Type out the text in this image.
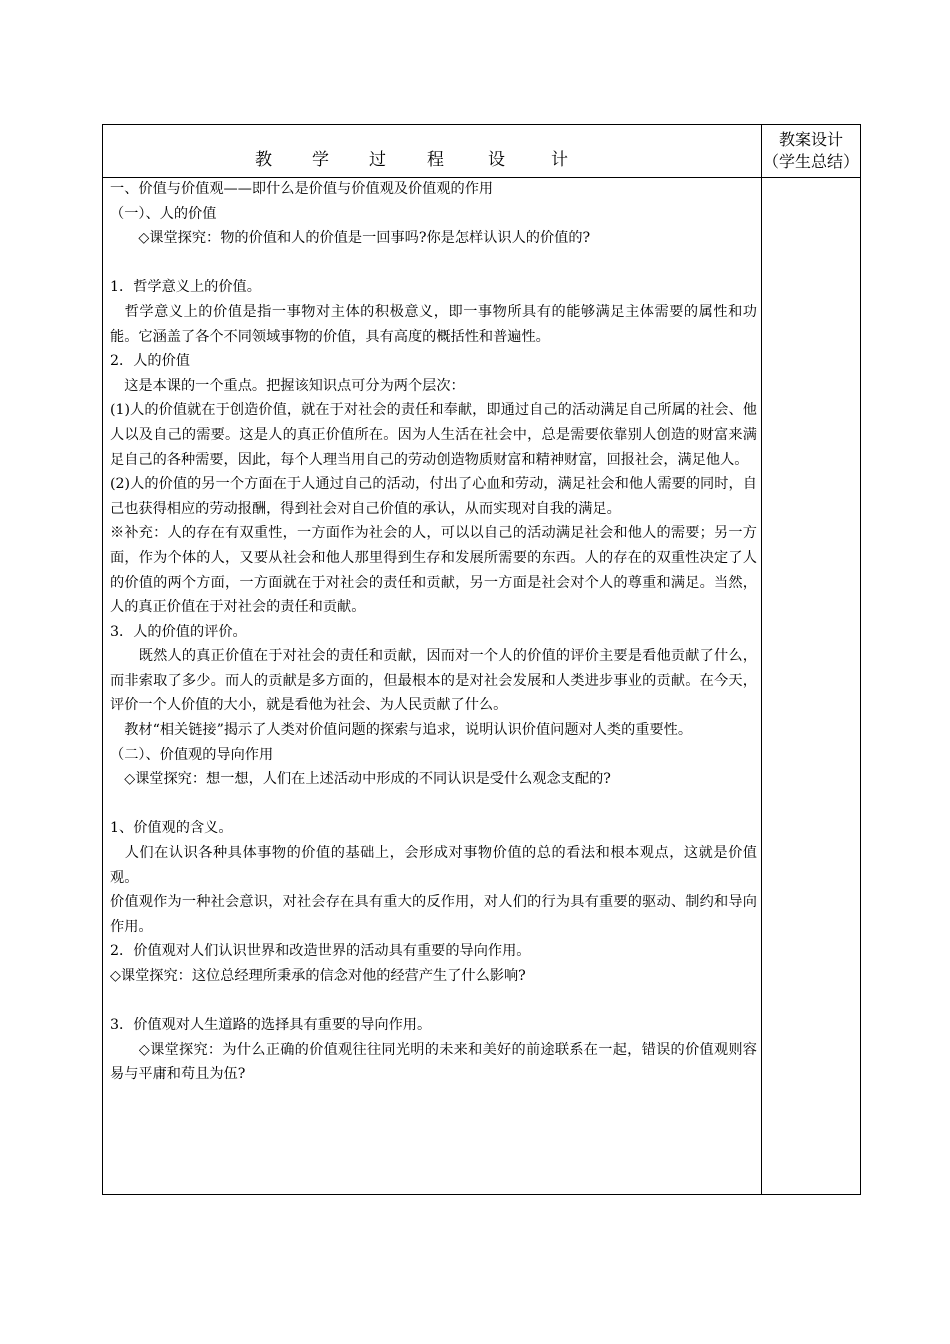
教 学 过 程	设	计
教案设计
（学生总结）

一、价值与价值观——即什么是价值与价值观及价值观的作用

（一）、人的价值

　　◇课堂探究：物的价值和人的价值是一回事吗?你是怎样认识人的价值的?

1．哲学意义上的价值。

　哲学意义上的价值是指一事物对主体的积极意义，即一事物所具有的能够满足主体需要的属性和功能。它涵盖了各个不同领域事物的价值，具有高度的概括性和普遍性。

2．人的价值

　这是本课的一个重点。把握该知识点可分为两个层次：

(1)人的价值就在于创造价值，就在于对社会的责任和奉献，即通过自己的活动满足自己所属的社会、他人以及自己的需要。这是人的真正价值所在。因为人生活在社会中，总是需要依靠别人创造的财富来满足自己的各种需要，因此，每个人理当用自己的劳动创造物质财富和精神财富，回报社会，满足他人。

(2)人的价值的另一个方面在于人通过自己的活动，付出了心血和劳动，满足社会和他人需要的同时，自己也获得相应的劳动报酬，得到社会对自己价值的承认，从而实现对自我的满足。

※补充：人的存在有双重性，一方面作为社会的人，可以以自己的活动满足社会和他人的需要；另一方面，作为个体的人，又要从社会和他人那里得到生存和发展所需要的东西。人的存在的双重性决定了人的价值的两个方面，一方面就在于对社会的责任和贡献，另一方面是社会对个人的尊重和满足。当然，人的真正价值在于对社会的责任和贡献。

3．人的价值的评价。

　　既然人的真正价值在于对社会的责任和贡献，因而对一个人的价值的评价主要是看他贡献了什么，而非索取了多少。而人的贡献是多方面的，但最根本的是对社会发展和人类进步事业的贡献。在今天，评价一个人价值的大小，就是看他为社会、为人民贡献了什么。

　教材“相关链接”揭示了人类对价值问题的探索与追求，说明认识价值问题对人类的重要性。

（二）、价值观的导向作用

　◇课堂探究：想一想，人们在上述活动中形成的不同认识是受什么观念支配的?

1、价值观的含义。

　人们在认识各种具体事物的价值的基础上，会形成对事物价值的总的看法和根本观点，这就是价值观。

价值观作为一种社会意识，对社会存在具有重大的反作用，对人们的行为具有重要的驱动、制约和导向作用。

2．价值观对人们认识世界和改造世界的活动具有重要的导向作用。

◇课堂探究：这位总经理所秉承的信念对他的经营产生了什么影响?

3．价值观对人生道路的选择具有重要的导向作用。

　　◇课堂探究：为什么正确的价值观往往同光明的未来和美好的前途联系在一起，错误的价值观则容易与平庸和苟且为伍?
